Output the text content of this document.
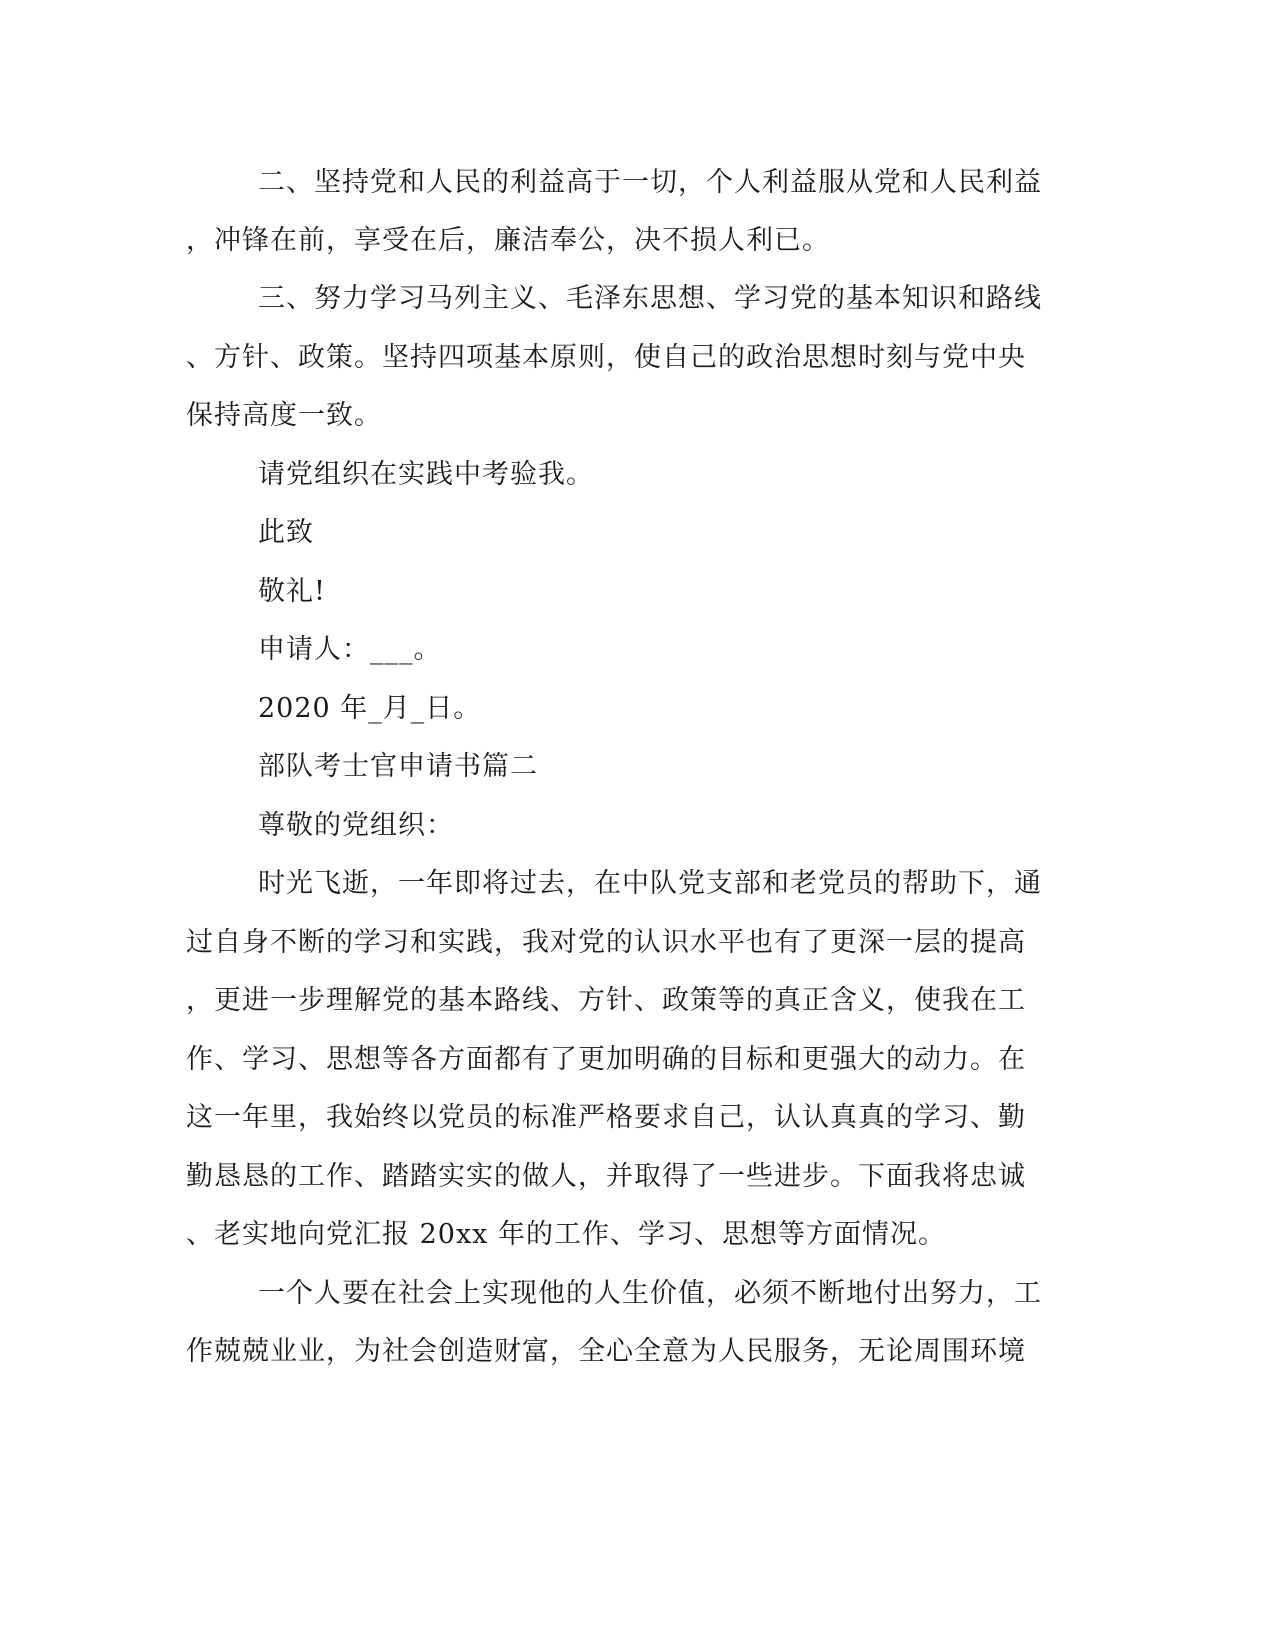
二、坚持党和人民的利益高于一切，个人利益服从党和人民利益
，冲锋在前，享受在后，廉洁奉公，决不损人利已。
三、努力学习马列主义、毛泽东思想、学习党的基本知识和路线
、方针、政策。坚持四项基本原则，使自己的政治思想时刻与党中央
保持高度一致。
请党组织在实践中考验我。
此致
敬礼!
申请人：___。
2020 年_月_日。
部队考士官申请书篇二
尊敬的党组织：
时光飞逝，一年即将过去，在中队党支部和老党员的帮助下，通
过自身不断的学习和实践，我对党的认识水平也有了更深一层的提高
，更进一步理解党的基本路线、方针、政策等的真正含义，使我在工
作、学习、思想等各方面都有了更加明确的目标和更强大的动力。在
这一年里，我始终以党员的标准严格要求自己，认认真真的学习、勤
勤恳恳的工作、踏踏实实的做人，并取得了一些进步。下面我将忠诚
、老实地向党汇报 20xx 年的工作、学习、思想等方面情况。
一个人要在社会上实现他的人生价值，必须不断地付出努力，工
作兢兢业业，为社会创造财富，全心全意为人民服务，无论周围环境
